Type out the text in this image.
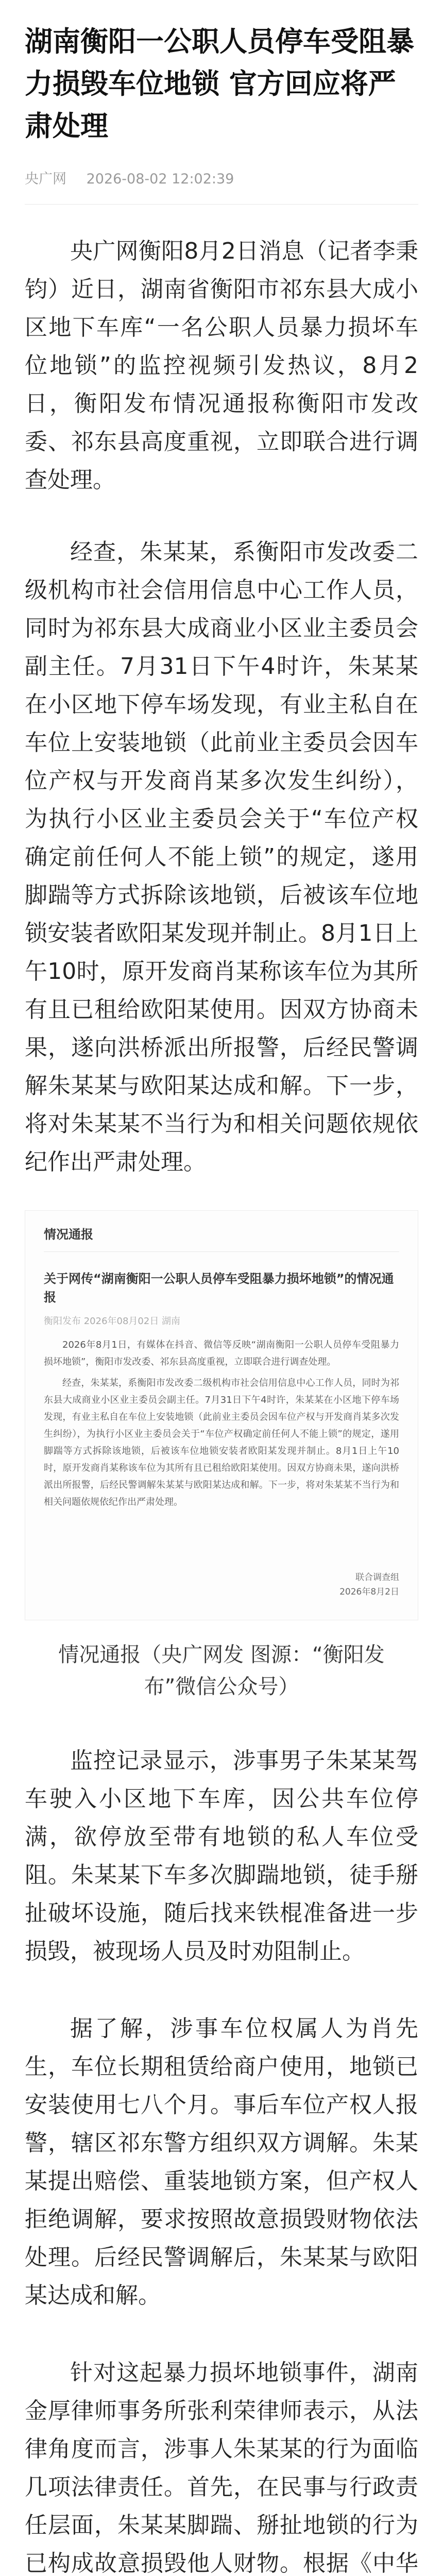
湖南衡阳一公职人员停车受阻暴力损毁车位地锁 官方回应将严肃处理
央广网 2026-08-02 12:02:39

央广网衡阳8月2日消息（记者李秉钧）近日，湖南省衡阳市祁东县大成小区地下车库“一名公职人员暴力损坏车位地锁”的监控视频引发热议，8月2日，衡阳发布情况通报称衡阳市发改委、祁东县高度重视，立即联合进行调查处理。

经查，朱某某，系衡阳市发改委二级机构市社会信用信息中心工作人员，同时为祁东县大成商业小区业主委员会副主任。7月31日下午4时许，朱某某在小区地下停车场发现，有业主私自在车位上安装地锁（此前业主委员会因车位产权与开发商肖某多次发生纠纷），为执行小区业主委员会关于“车位产权确定前任何人不能上锁”的规定，遂用脚踹等方式拆除该地锁，后被该车位地锁安装者欧阳某发现并制止。8月1日上午10时，原开发商肖某称该车位为其所有且已租给欧阳某使用。因双方协商未果，遂向洪桥派出所报警，后经民警调解朱某某与欧阳某达成和解。下一步，将对朱某某不当行为和相关问题依规依纪作出严肃处理。

情况通报
关于网传“湖南衡阳一公职人员停车受阻暴力损坏地锁”的情况通报
衡阳发布 2026年08月02日 湖南
2026年8月1日，有媒体在抖音、微信等反映“湖南衡阳一公职人员停车受阻暴力损坏地锁”，衡阳市发改委、祁东县高度重视，立即联合进行调查处理。
经查，朱某某，系衡阳市发改委二级机构市社会信用信息中心工作人员，同时为祁东县大成商业小区业主委员会副主任。7月31日下午4时许，朱某某在小区地下停车场发现，有业主私自在车位上安装地锁（此前业主委员会因车位产权与开发商肖某多次发生纠纷），为执行小区业主委员会关于“车位产权确定前任何人不能上锁”的规定，遂用脚踹等方式拆除该地锁，后被该车位地锁安装者欧阳某发现并制止。8月1日上午10时，原开发商肖某称该车位为其所有且已租给欧阳某使用。因双方协商未果，遂向洪桥派出所报警，后经民警调解朱某某与欧阳某达成和解。下一步，将对朱某某不当行为和相关问题依规依纪作出严肃处理。
联合调查组
2026年8月2日
情况通报（央广网发 图源：“衡阳发布”微信公众号）

监控记录显示，涉事男子朱某某驾车驶入小区地下车库，因公共车位停满，欲停放至带有地锁的私人车位受阻。朱某某下车多次脚踹地锁，徒手掰扯破坏设施，随后找来铁棍准备进一步损毁，被现场人员及时劝阻制止。

据了解，涉事车位权属人为肖先生，车位长期租赁给商户使用，地锁已安装使用七八个月。事后车位产权人报警，辖区祁东警方组织双方调解。朱某某提出赔偿、重装地锁方案，但产权人拒绝调解，要求按照故意损毁财物依法处理。后经民警调解后，朱某某与欧阳某达成和解。

针对这起暴力损坏地锁事件，湖南金厚律师事务所张利荣律师表示，从法律角度而言，涉事人朱某某的行为面临几项法律责任。首先，在民事与行政责任层面，朱某某脚踹、掰扯地锁的行为已构成故意损毁他人财物。根据《中华
